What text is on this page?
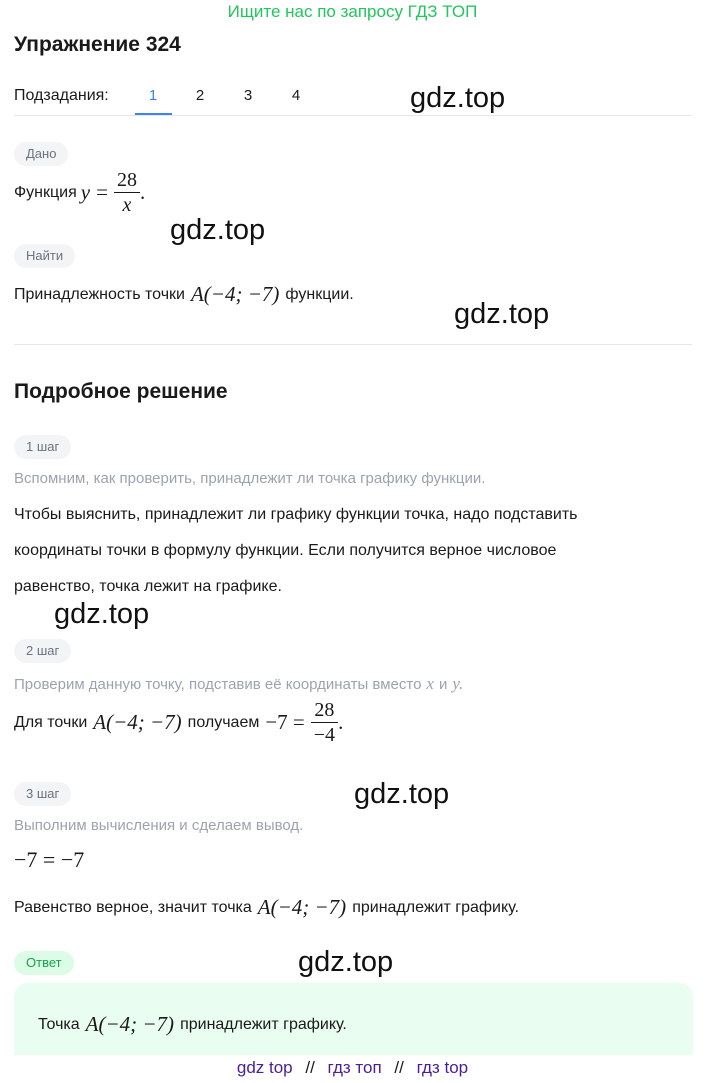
Ищите нас по запросу ГДЗ ТОП
Упражнение 324
Подзадания:	1	2	3	4
Дано
Функция $y = \frac{28}{x}$ .
Найти
Принадлежность точки A(−4; −7) функции.
Подробное решение
1 шаг
Вспомним, как проверить, принадлежит ли точка графику функции.
Чтобы выяснить, принадлежит ли графику функции точка, надо подставить
координаты точки в формулу функции. Если получится верное числовое
равенство, точка лежит на графике.
2 шаг
Проверим данную точку, подставив её координаты вместо x и y.
Для точки A(−4; −7) получаем $-7 = \frac{28}{-4}$ .
3 шаг
Выполним вычисления и сделаем вывод.
−7 = −7
Равенство верное, значит точка A(−4; −7) принадлежит графику.
Ответ
Точка A(−4; −7) принадлежит графику.
gdz.top
gdz.top
gdz.top
gdz.top
gdz.top
gdz.top
gdz top // гдз топ // гдз top
